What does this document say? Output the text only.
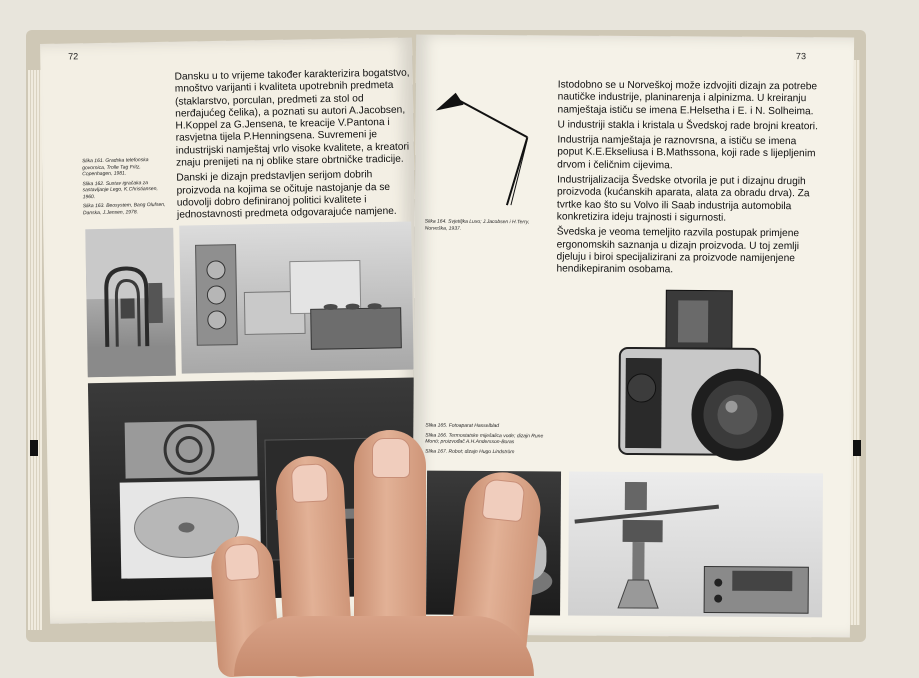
72

Dansku u to vrijeme također karakterizira bogatstvo, mnoštvo varijanti i kvaliteta upotrebnih predmeta (staklarstvo, porculan, predmeti za stol od nerđajućeg čelika), a poznati su autori A.Jacobsen, H.Koppel za G.Jensena, te kreacije V.Pantona i rasvjetna tijela P.Henningsena. Suvremeni je industrijski namještaj vrlo visoke kvalitete, a kreatori znaju prenijeti na nj oblike stare obrtničke tradicije.

Danski je dizajn predstavljen serijom dobrih proizvoda na kojima se očituje nastojanje da se udovolji dobro definiranoj politici kvalitete i jednostavnosti predmeta odgovarajuće namjene.

Slika 161. Gradska telefonska govornica, Trolle Tag Fritz, Copenhagen, 1981.

Slika 162. Sustav igračaka za sastavljanje Lego, K.Christiansen, 1960.

Slika 163. Beosystem, Bang Olufsen, Danska, J.Jensen, 1978.

73
Slika 164. Svjetiljka Luxo; J.Jacobsen i H.Terry, Norveška, 1937.

Istodobno se u Norveškoj može izdvojiti dizajn za potrebe nautičke industrije, planinarenja i alpinizma. U kreiranju namještaja ističu se imena E.Helsetha i E. i N. Solheima.

U industriji stakla i kristala u Švedskoj rade brojni kreatori.

Industrija namještaja je raznovrsna, a ističu se imena poput K.E.Ekseliusa i B.Mathssona, koji rade s lijepljenim drvom i čeličnim cijevima.

Industrijalizacija Švedske otvorila je put i dizajnu drugih proizvoda (kućanskih aparata, alata za obradu drva). Za tvrtke kao što su Volvo ili Saab industrija automobila konkretizira ideju trajnosti i sigurnosti.

Švedska je veoma temeljito razvila postupak primjene ergonomskih saznanja u dizajn proizvoda. U toj zemlji djeluju i biroi specijalizirani za proizvode namijenjene hendikepiranim osobama.

Slika 165. Fotoaparat Hasselblad

Slika 166. Termostatske miješalica vode; dizajn Rune Monö; proizvođač A.H.Andersson-Boras

Slika 167. Robot; dizajn Hugo Lindström
